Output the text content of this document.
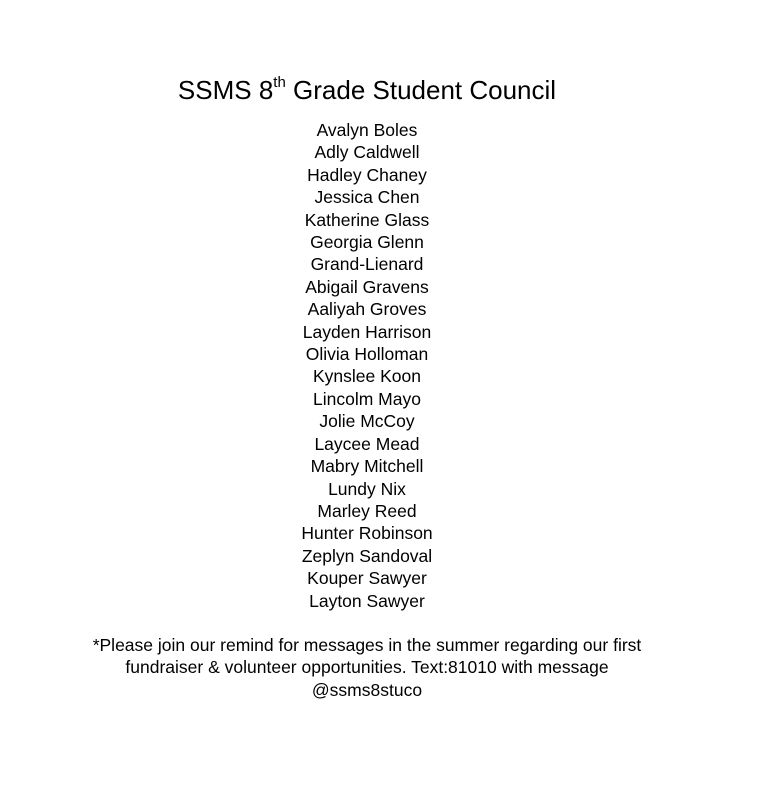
SSMS 8th Grade Student Council
Avalyn Boles
Adly Caldwell
Hadley Chaney
Jessica Chen
Katherine Glass
Georgia Glenn
Grand-Lienard
Abigail Gravens
Aaliyah Groves
Layden Harrison
Olivia Holloman
Kynslee Koon
Lincolm Mayo
Jolie McCoy
Laycee Mead
Mabry Mitchell
Lundy Nix
Marley Reed
Hunter Robinson
Zeplyn Sandoval
Kouper Sawyer
Layton Sawyer

*Please join our remind for messages in the summer regarding our first
fundraiser & volunteer opportunities. Text:81010 with message
@ssms8stuco
